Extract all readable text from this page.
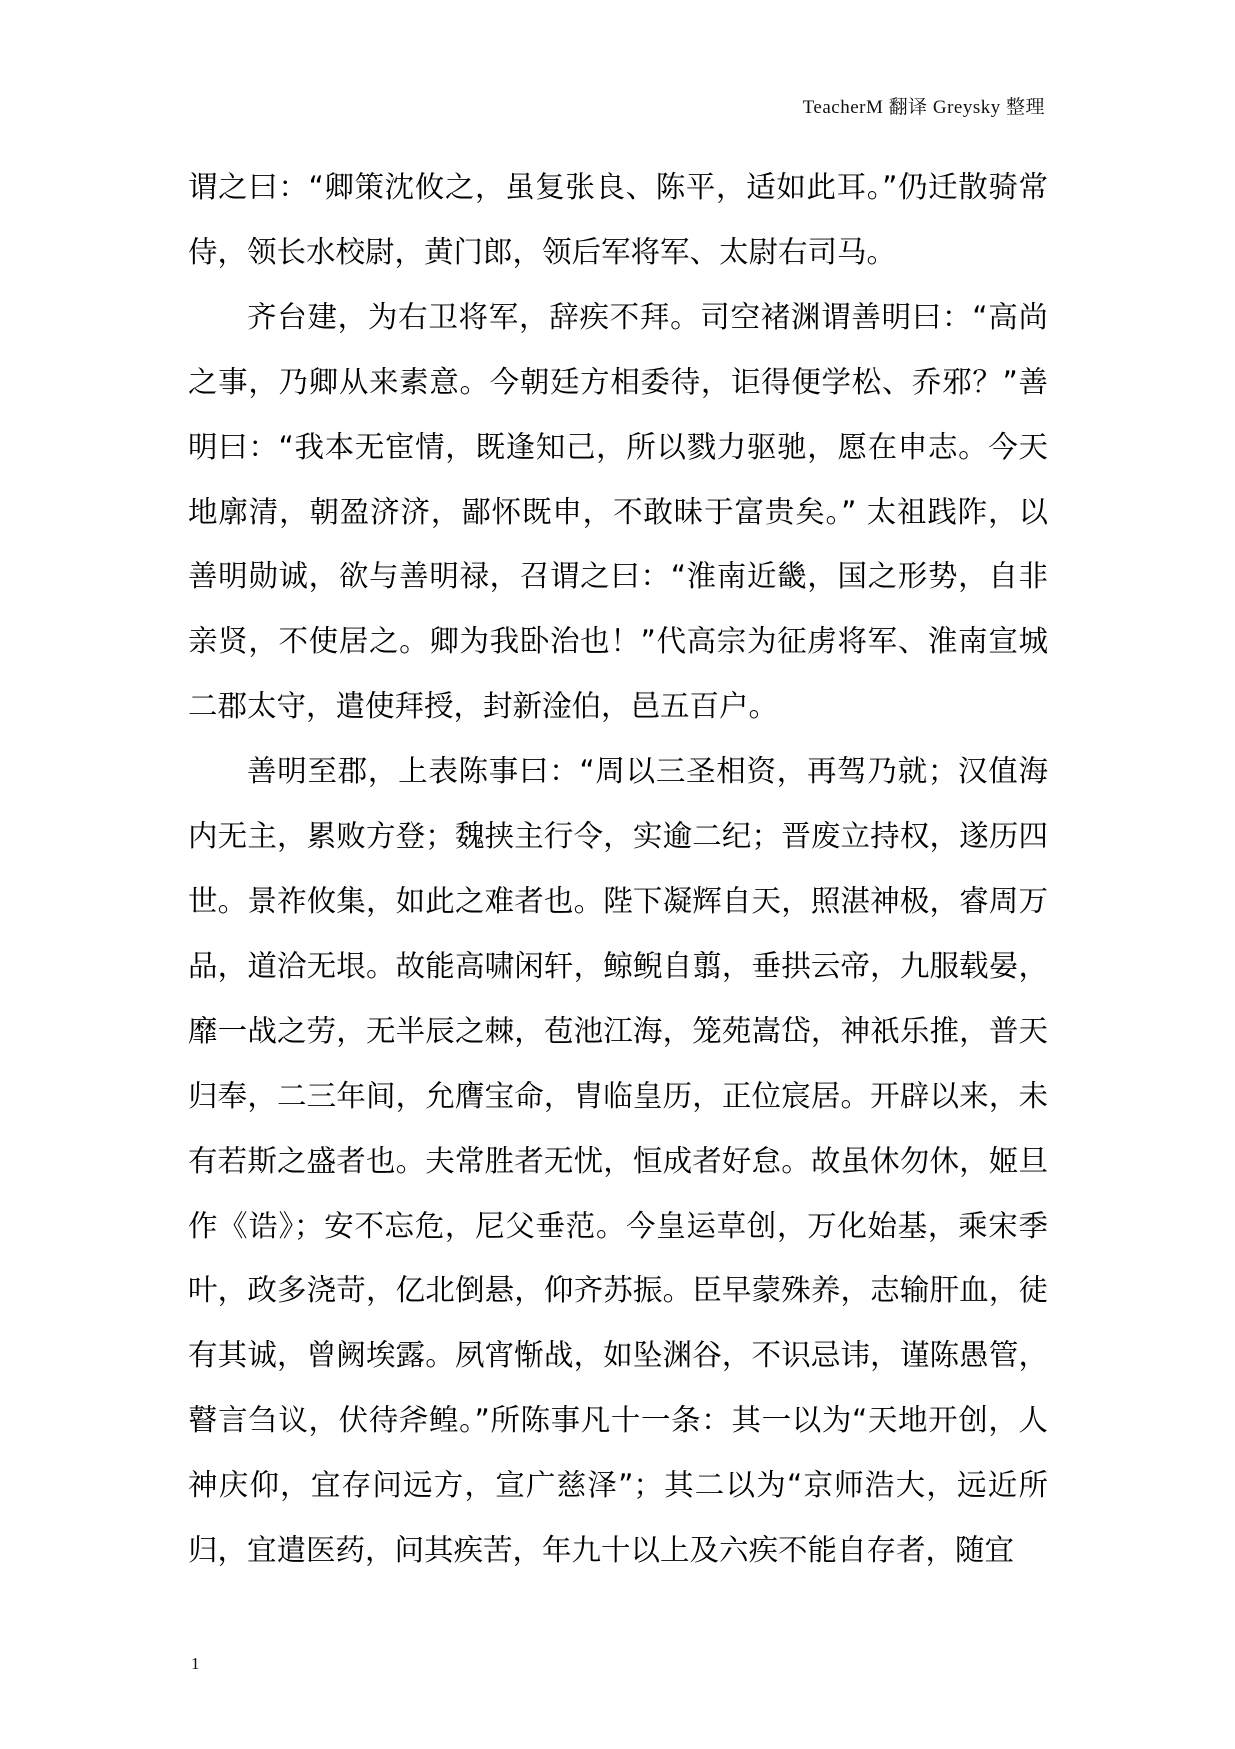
TeacherM 翻译 Greysky 整理

谓之曰：“卿策沈攸之，虽复张良、陈平，适如此耳。”仍迁散骑常侍，领长水校尉，黄门郎，领后军将军、太尉右司马。

齐台建，为右卫将军，辞疾不拜。司空褚渊谓善明曰：“高尚之事，乃卿从来素意。今朝廷方相委待，讵得便学松、乔邪？”善明曰：“我本无宦情，既逢知己，所以戮力驱驰，愿在申志。今天地廓清，朝盈济济，鄙怀既申，不敢昧于富贵矣。” 太祖践阼，以善明勋诚，欲与善明禄，召谓之曰：“淮南近畿，国之形势，自非亲贤，不使居之。卿为我卧治也！”代高宗为征虏将军、淮南宣城二郡太守，遣使拜授，封新淦伯，邑五百户。

善明至郡，上表陈事曰：“周以三圣相资，再驾乃就；汉值海内无主，累败方登；魏挟主行令，实逾二纪；晋废立持权，遂历四世。景祚攸集，如此之难者也。陛下凝辉自天，照湛神极，睿周万品，道洽无垠。故能高啸闲轩，鲸鲵自翦，垂拱云帝，九服载晏，靡一战之劳，无半辰之棘，苞池江海，笼苑嵩岱，神祇乐推，普天归奉，二三年间，允膺宝命，胄临皇历，正位宸居。开辟以来，未有若斯之盛者也。夫常胜者无忧，恒成者好怠。故虽休勿休，姬旦作《诰》；安不忘危，尼父垂范。今皇运草创，万化始基，乘宋季叶，政多浇苛，亿北倒悬，仰齐苏振。臣早蒙殊养，志输肝血，徒有其诚，曾阙埃露。夙宵惭战，如坠渊谷，不识忌讳，谨陈愚管，瞽言刍议，伏待斧鳇。”所陈事凡十一条：其一以为“天地开创，人神庆仰，宜存问远方，宣广慈泽”；其二以为“京师浩大，远近所归，宜遣医药，问其疾苦，年九十以上及六疾不能自存者，随宜

1
